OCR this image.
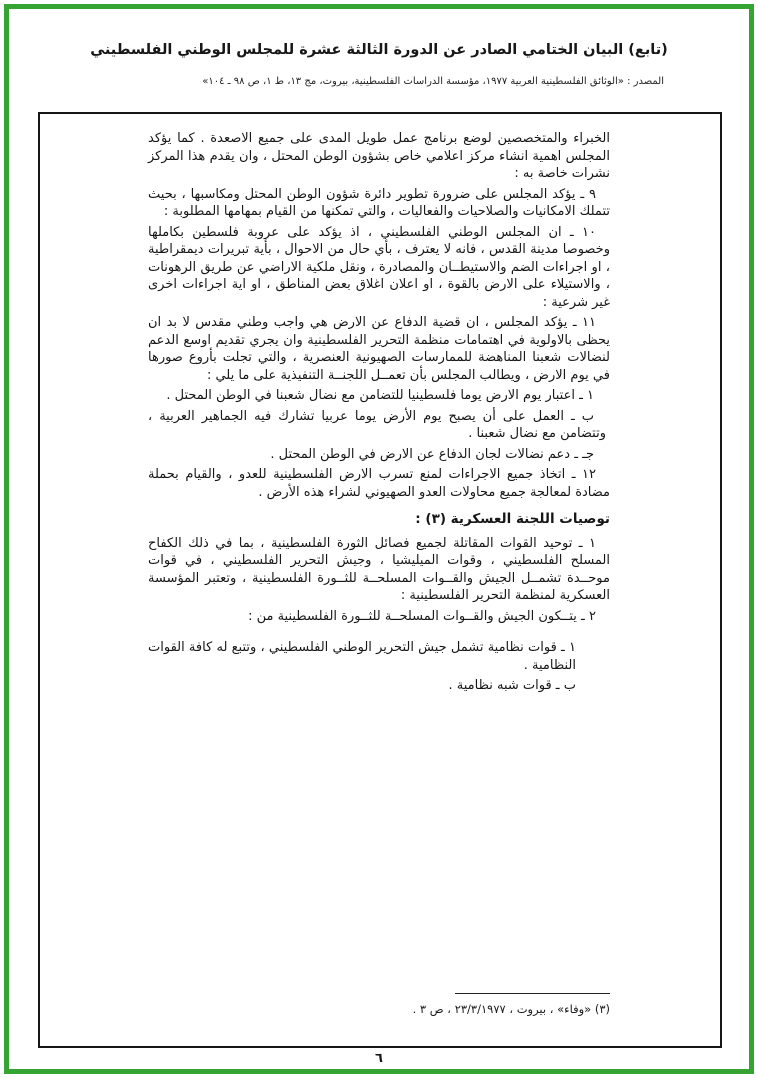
(تابع) البيان الختامي الصادر عن الدورة الثالثة عشرة للمجلس الوطني الفلسطيني
المصدر : «الوثائق الفلسطينية العربية ١٩٧٧، مؤسسة الدراسات الفلسطينية، بيروت، مج ١٣، ط ١، ص ٩٨ ـ ١٠٤»
الخبراء والمتخصصين لوضع برنامج عمل طويل المدى على جميع الاصعدة . كما يؤكد المجلس اهمية انشاء مركز اعلامي خاص بشؤون الوطن المحتل ، وان يقدم هذا المركز نشرات خاصة به :
٩ ـ يؤكد المجلس على ضرورة تطوير دائرة شؤون الوطن المحتل ومكاسبها ، بحيث تتملك الامكانيات والصلاحيات والفعاليات ، والتي تمكنها من القيام بمهامها المطلوبة :
١٠ ـ ان المجلس الوطني الفلسطيني ، اذ يؤكد على عروبة فلسطين بكاملها وخصوصا مدينة القدس ، فانه لا يعترف ، بأي حال من الاحوال ، بأية تبريرات ديمقراطية ، او اجراءات الضم والاستيطــان والمصادرة ، ونقل ملكية الاراضي عن طريق الرهونات ، والاستيلاء على الارض بالقوة ، او اعلان اغلاق بعض المناطق ، او اية اجراءات اخرى غير شرعية :
١١ ـ يؤكد المجلس ، ان قضية الدفاع عن الارض هي واجب وطني مقدس لا بد ان يحظى بالاولوية في اهتمامات منظمة التحرير الفلسطينية وان يجري تقديم اوسع الدعم لنضالات شعبنا المناهضة للممارسات الصهيونية العنصرية ، والتي تجلت بأروع صورها في يوم الارض ، ويطالب المجلس بأن تعمــل اللجنــة التنفيذية على ما يلي :
١ ـ اعتبار يوم الارض يوما فلسطينيا للتضامن مع نضال شعبنا في الوطن المحتل .
ب ـ العمل على أن يصبح يوم الأرض يوما عربيا تشارك فيه الجماهير العربية ، وتتضامن مع نضال شعبنا .
جـ ـ دعم نضالات لجان الدفاع عن الارض في الوطن المحتل .
١٢ ـ اتخاذ جميع الاجراءات لمنع تسرب الارض الفلسطينية للعدو ، والقيام بحملة مضادة لمعالجة جميع محاولات العدو الصهيوني لشراء هذه الأرض .
توصيات اللجنة العسكرية (٣) :
١ ـ توحيد القوات المقاتلة لجميع فصائل الثورة الفلسطينية ، بما في ذلك الكفاح المسلح الفلسطيني ، وقوات الميليشيا ، وجيش التحرير الفلسطيني ، في قوات موحــدة تشمــل الجيش والقــوات المسلحــة للثــورة الفلسطينية ، وتعتبر المؤسسة العسكرية لمنظمة التحرير الفلسطينية :
٢ ـ يتــكون الجيش والقــوات المسلحــة للثــورة الفلسطينية من :
١ ـ قوات نظامية تشمل جيش التحرير الوطني الفلسطيني ، وتتبع له كافة القوات النظامية .
ب ـ قوات شبه نظامية .
(٣) «وفاء» ، بيروت ، ٢٣/٣/١٩٧٧ ، ص ٣ .
٦
